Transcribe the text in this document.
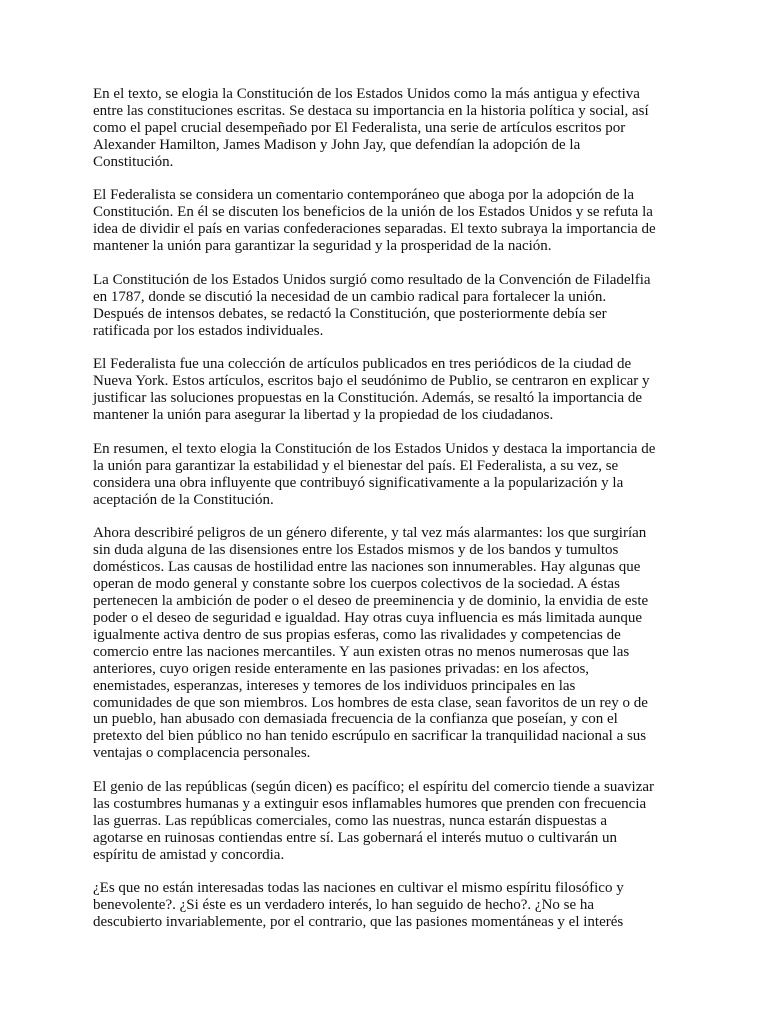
En el texto, se elogia la Constitución de los Estados Unidos como la más antigua y efectiva
entre las constituciones escritas. Se destaca su importancia en la historia política y social, así
como el papel crucial desempeñado por El Federalista, una serie de artículos escritos por
Alexander Hamilton, James Madison y John Jay, que defendían la adopción de la
Constitución.

El Federalista se considera un comentario contemporáneo que aboga por la adopción de la
Constitución. En él se discuten los beneficios de la unión de los Estados Unidos y se refuta la
idea de dividir el país en varias confederaciones separadas. El texto subraya la importancia de
mantener la unión para garantizar la seguridad y la prosperidad de la nación.

La Constitución de los Estados Unidos surgió como resultado de la Convención de Filadelfia
en 1787, donde se discutió la necesidad de un cambio radical para fortalecer la unión.
Después de intensos debates, se redactó la Constitución, que posteriormente debía ser
ratificada por los estados individuales.

El Federalista fue una colección de artículos publicados en tres periódicos de la ciudad de
Nueva York. Estos artículos, escritos bajo el seudónimo de Publio, se centraron en explicar y
justificar las soluciones propuestas en la Constitución. Además, se resaltó la importancia de
mantener la unión para asegurar la libertad y la propiedad de los ciudadanos.

En resumen, el texto elogia la Constitución de los Estados Unidos y destaca la importancia de
la unión para garantizar la estabilidad y el bienestar del país. El Federalista, a su vez, se
considera una obra influyente que contribuyó significativamente a la popularización y la
aceptación de la Constitución.

Ahora describiré peligros de un género diferente, y tal vez más alarmantes: los que surgirían
sin duda alguna de las disensiones entre los Estados mismos y de los bandos y tumultos
domésticos. Las causas de hostilidad entre las naciones son innumerables. Hay algunas que
operan de modo general y constante sobre los cuerpos colectivos de la sociedad. A éstas
pertenecen la ambición de poder o el deseo de preeminencia y de dominio, la envidia de este
poder o el deseo de seguridad e igualdad. Hay otras cuya influencia es más limitada aunque
igualmente activa dentro de sus propias esferas, como las rivalidades y competencias de
comercio entre las naciones mercantiles. Y aun existen otras no menos numerosas que las
anteriores, cuyo origen reside enteramente en las pasiones privadas: en los afectos,
enemistades, esperanzas, intereses y temores de los individuos principales en las
comunidades de que son miembros. Los hombres de esta clase, sean favoritos de un rey o de
un pueblo, han abusado con demasiada frecuencia de la confianza que poseían, y con el
pretexto del bien público no han tenido escrúpulo en sacrificar la tranquilidad nacional a sus
ventajas o complacencia personales.

El genio de las repúblicas (según dicen) es pacífico; el espíritu del comercio tiende a suavizar
las costumbres humanas y a extinguir esos inflamables humores que prenden con frecuencia
las guerras. Las repúblicas comerciales, como las nuestras, nunca estarán dispuestas a
agotarse en ruinosas contiendas entre sí. Las gobernará el interés mutuo o cultivarán un
espíritu de amistad y concordia.

¿Es que no están interesadas todas las naciones en cultivar el mismo espíritu filosófico y
benevolente?. ¿Si éste es un verdadero interés, lo han seguido de hecho?. ¿No se ha
descubierto invariablemente, por el contrario, que las pasiones momentáneas y el interés
